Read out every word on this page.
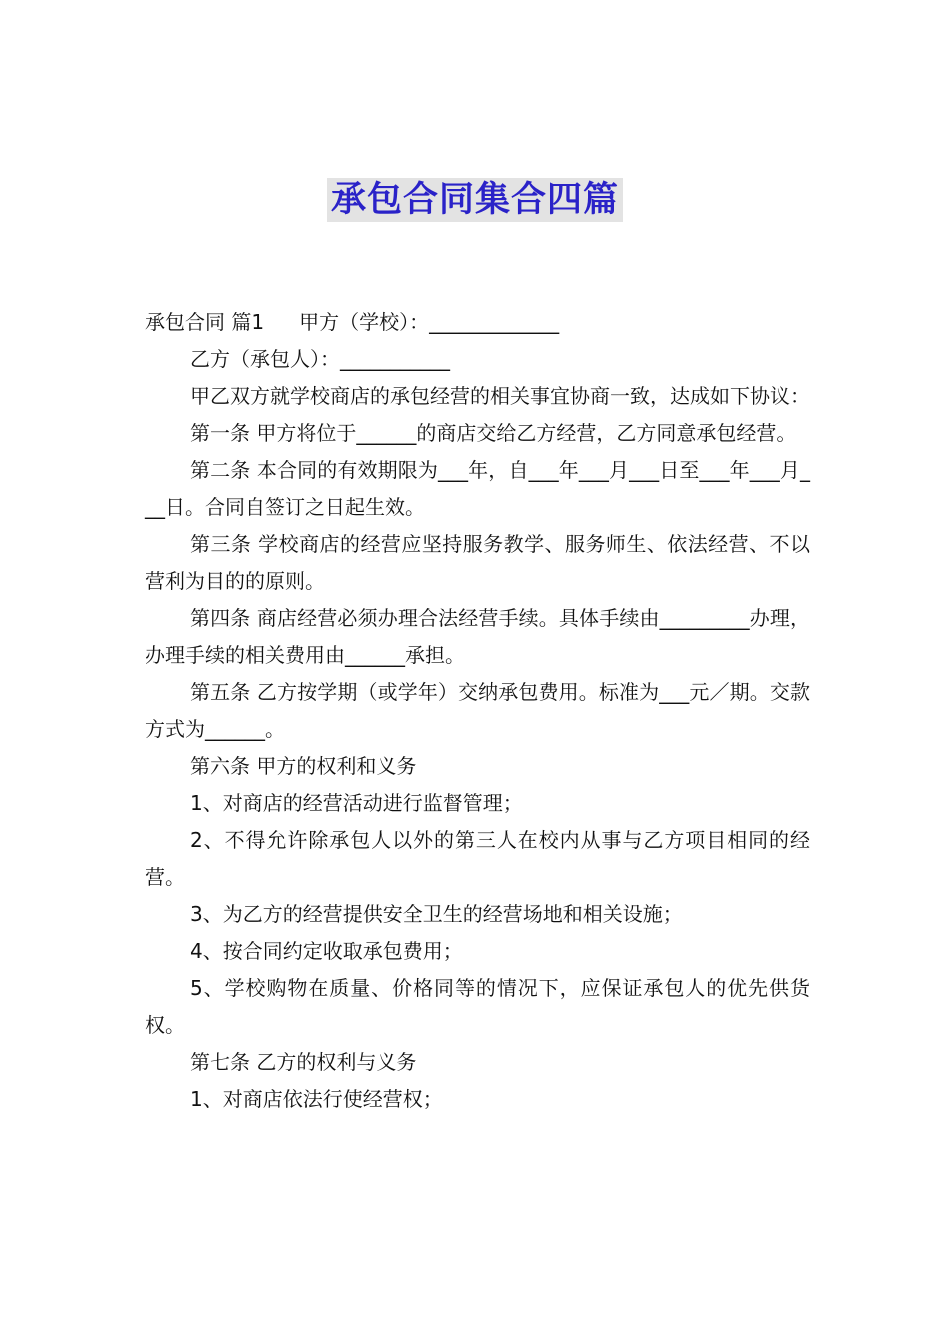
承包合同集合四篇

承包合同 篇1 甲方（学校）：_____________

乙方（承包人）：___________

甲乙双方就学校商店的承包经营的相关事宜协商一致，达成如下协议：

第一条 甲方将位于______的商店交给乙方经营，乙方同意承包经营。

第二条 本合同的有效期限为___年，自___年___月___日至___年___月___日。合同自签订之日起生效。

第三条 学校商店的经营应坚持服务教学、服务师生、依法经营、不以营利为目的的原则。

第四条 商店经营必须办理合法经营手续。具体手续由_________办理，办理手续的相关费用由______承担。

第五条 乙方按学期（或学年）交纳承包费用。标准为___元／期。交款方式为______。

第六条 甲方的权利和义务

1、对商店的经营活动进行监督管理；

2、不得允许除承包人以外的第三人在校内从事与乙方项目相同的经营。

3、为乙方的经营提供安全卫生的经营场地和相关设施；

4、按合同约定收取承包费用；

5、学校购物在质量、价格同等的情况下，应保证承包人的优先供货权。

第七条 乙方的权利与义务

1、对商店依法行使经营权；
